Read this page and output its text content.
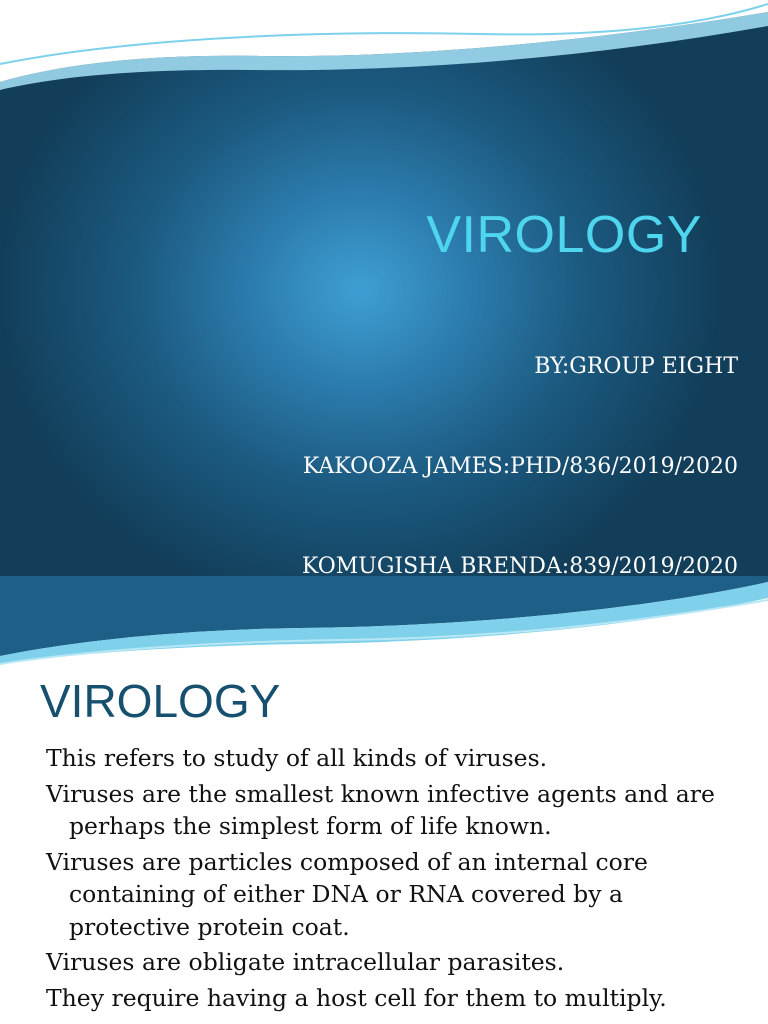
VIROLOGY

BY:GROUP EIGHT

KAKOOZA JAMES:PHD/836/2019/2020

KOMUGISHA BRENDA:839/2019/2020

VIROLOGY
This refers to study of all kinds of viruses.
Viruses are the smallest known infective agents and are perhaps the simplest form of life known.
Viruses are particles composed of an internal core containing of either DNA or RNA covered by a protective protein coat.
Viruses are obligate intracellular parasites.
They require having a host cell for them to multiply.
